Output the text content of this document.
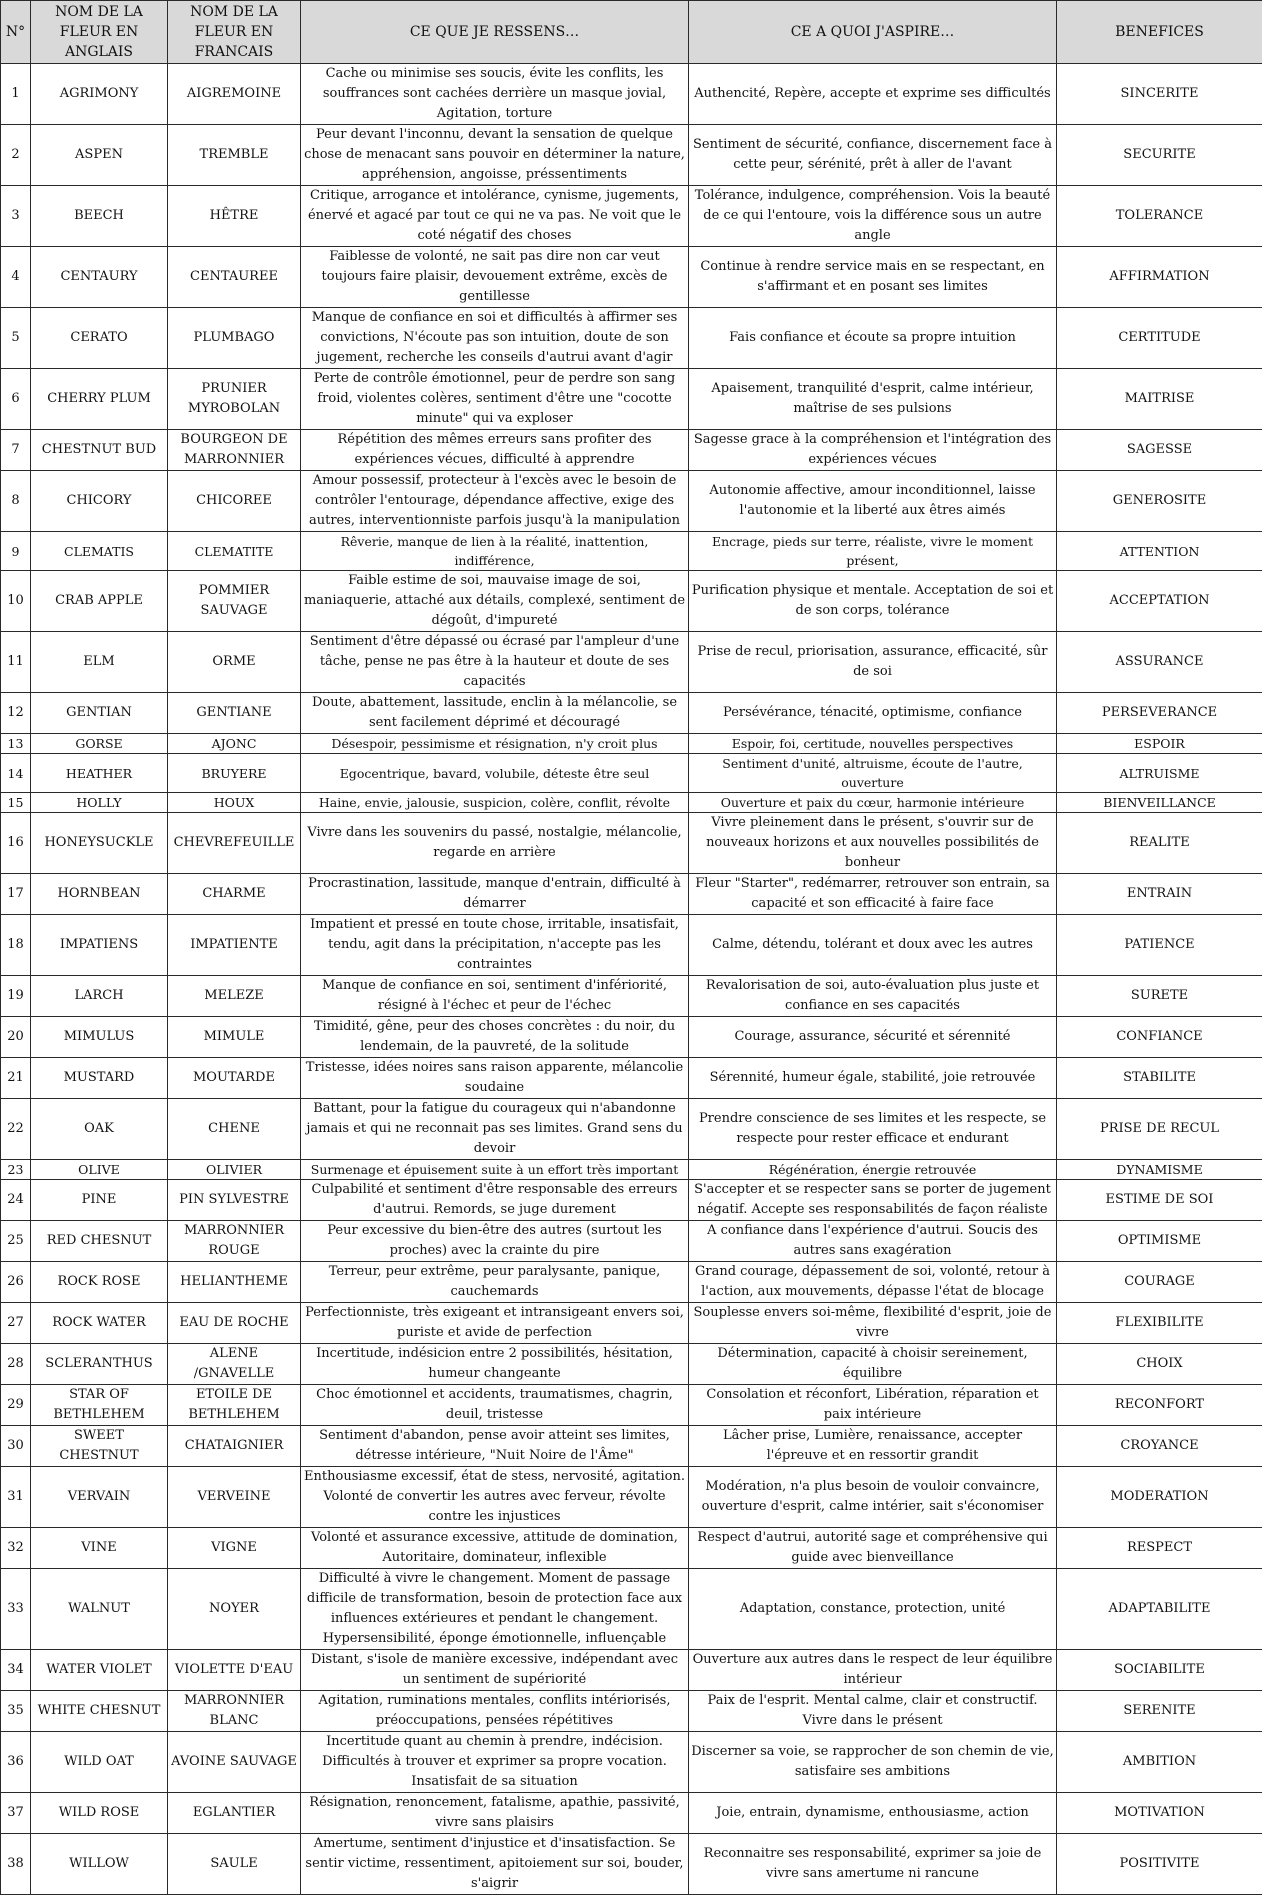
N°	NOM DE LA FLEUR EN ANGLAIS	NOM DE LA FLEUR EN FRANCAIS	CE QUE JE RESSENS…	CE A QUOI J'ASPIRE…	BENEFICES
1	AGRIMONY	AIGREMOINE	Cache ou minimise ses soucis, évite les conflits, les souffrances sont cachées derrière un masque jovial, Agitation, torture	Authencité, Repère, accepte et exprime ses difficultés	SINCERITE
2	ASPEN	TREMBLE	Peur devant l'inconnu, devant la sensation de quelque chose de menacant sans pouvoir en déterminer la nature, appréhension, angoisse, préssentiments	Sentiment de sécurité, confiance, discernement face à cette peur, sérénité, prêt à aller de l'avant	SECURITE
3	BEECH	HÊTRE	Critique, arrogance et intolérance, cynisme, jugements, énervé et agacé par tout ce qui ne va pas. Ne voit que le coté négatif des choses	Tolérance, indulgence, compréhension. Vois la beauté de ce qui l'entoure, vois la différence sous un autre angle	TOLERANCE
4	CENTAURY	CENTAUREE	Faiblesse de volonté, ne sait pas dire non car veut toujours faire plaisir, devouement extrême, excès de gentillesse	Continue à rendre service mais en se respectant, en s'affirmant et en posant ses limites	AFFIRMATION
5	CERATO	PLUMBAGO	Manque de confiance en soi et difficultés à affirmer ses convictions, N'écoute pas son intuition, doute de son jugement, recherche les conseils d'autrui avant d'agir	Fais confiance et écoute sa propre intuition	CERTITUDE
6	CHERRY PLUM	PRUNIER MYROBOLAN	Perte de contrôle émotionnel, peur de perdre son sang froid, violentes colères, sentiment d'être une "cocotte minute" qui va exploser	Apaisement, tranquilité d'esprit, calme intérieur, maîtrise de ses pulsions	MAITRISE
7	CHESTNUT BUD	BOURGEON DE MARRONNIER	Répétition des mêmes erreurs sans profiter des expériences vécues, difficulté à apprendre	Sagesse grace à la compréhension et l'intégration des expériences vécues	SAGESSE
8	CHICORY	CHICOREE	Amour possessif, protecteur à l'excès avec le besoin de contrôler l'entourage, dépendance affective, exige des autres, interventionniste parfois jusqu'à la manipulation	Autonomie affective, amour inconditionnel, laisse l'autonomie et la liberté aux êtres aimés	GENEROSITE
9	CLEMATIS	CLEMATITE	Rêverie, manque de lien à la réalité, inattention, indifférence,	Encrage, pieds sur terre, réaliste, vivre le moment présent,	ATTENTION
10	CRAB APPLE	POMMIER SAUVAGE	Faible estime de soi, mauvaise image de soi, maniaquerie, attaché aux détails, complexé, sentiment de dégoût, d'impureté	Purification physique et mentale. Acceptation de soi et de son corps, tolérance	ACCEPTATION
11	ELM	ORME	Sentiment d'être dépassé ou écrasé par l'ampleur d'une tâche, pense ne pas être à la hauteur et doute de ses capacités	Prise de recul, priorisation, assurance, efficacité, sûr de soi	ASSURANCE
12	GENTIAN	GENTIANE	Doute, abattement, lassitude, enclin à la mélancolie, se sent facilement déprimé et découragé	Persévérance, ténacité, optimisme, confiance	PERSEVERANCE
13	GORSE	AJONC	Désespoir, pessimisme et résignation, n'y croit plus	Espoir, foi, certitude, nouvelles perspectives	ESPOIR
14	HEATHER	BRUYERE	Egocentrique, bavard, volubile, déteste être seul	Sentiment d'unité, altruisme, écoute de l'autre, ouverture	ALTRUISME
15	HOLLY	HOUX	Haine, envie, jalousie, suspicion, colère, conflit, révolte	Ouverture et paix du cœur, harmonie intérieure	BIENVEILLANCE
16	HONEYSUCKLE	CHEVREFEUILLE	Vivre dans les souvenirs du passé, nostalgie, mélancolie, regarde en arrière	Vivre pleinement dans le présent, s'ouvrir sur de nouveaux horizons et aux nouvelles possibilités de bonheur	REALITE
17	HORNBEAN	CHARME	Procrastination, lassitude, manque d'entrain, difficulté à démarrer	Fleur "Starter", redémarrer, retrouver son entrain, sa capacité et son efficacité à faire face	ENTRAIN
18	IMPATIENS	IMPATIENTE	Impatient et pressé en toute chose, irritable, insatisfait, tendu, agit dans la précipitation, n'accepte pas les contraintes	Calme, détendu, tolérant et doux avec les autres	PATIENCE
19	LARCH	MELEZE	Manque de confiance en soi, sentiment d'infériorité, résigné à l'échec et peur de l'échec	Revalorisation de soi, auto-évaluation plus juste et confiance en ses capacités	SURETE
20	MIMULUS	MIMULE	Timidité, gêne, peur des choses concrètes : du noir, du lendemain, de la pauvreté, de la solitude	Courage, assurance, sécurité et sérennité	CONFIANCE
21	MUSTARD	MOUTARDE	Tristesse, idées noires sans raison apparente, mélancolie soudaine	Sérennité, humeur égale, stabilité, joie retrouvée	STABILITE
22	OAK	CHENE	Battant, pour la fatigue du courageux qui n'abandonne jamais et qui ne reconnait pas ses limites. Grand sens du devoir	Prendre conscience de ses limites et les respecte, se respecte pour rester efficace et endurant	PRISE DE RECUL
23	OLIVE	OLIVIER	Surmenage et épuisement suite à un effort très important	Régénération, énergie retrouvée	DYNAMISME
24	PINE	PIN SYLVESTRE	Culpabilité et sentiment d'être responsable des erreurs d'autrui. Remords, se juge durement	S'accepter et se respecter sans se porter de jugement négatif. Accepte ses responsabilités de façon réaliste	ESTIME DE SOI
25	RED CHESNUT	MARRONNIER ROUGE	Peur excessive du bien-être des autres (surtout les proches) avec la crainte du pire	A confiance dans l'expérience d'autrui. Soucis des autres sans exagération	OPTIMISME
26	ROCK ROSE	HELIANTHEME	Terreur, peur extrême, peur paralysante, panique, cauchemards	Grand courage, dépassement de soi, volonté, retour à l'action, aux mouvements, dépasse l'état de blocage	COURAGE
27	ROCK WATER	EAU DE ROCHE	Perfectionniste, très exigeant et intransigeant envers soi, puriste et avide de perfection	Souplesse envers soi-même, flexibilité d'esprit, joie de vivre	FLEXIBILITE
28	SCLERANTHUS	ALENE /GNAVELLE	Incertitude, indésicion entre 2 possibilités, hésitation, humeur changeante	Détermination, capacité à choisir sereinement, équilibre	CHOIX
29	STAR OF BETHLEHEM	ETOILE DE BETHLEHEM	Choc émotionnel et accidents, traumatismes, chagrin, deuil, tristesse	Consolation et réconfort, Libération, réparation et paix intérieure	RECONFORT
30	SWEET CHESTNUT	CHATAIGNIER	Sentiment d'abandon, pense avoir atteint ses limites, détresse intérieure, "Nuit Noire de l'Âme"	Lâcher prise, Lumière, renaissance, accepter l'épreuve et en ressortir grandit	CROYANCE
31	VERVAIN	VERVEINE	Enthousiasme excessif, état de stess, nervosité, agitation. Volonté de convertir les autres avec ferveur, révolte contre les injustices	Modération, n'a plus besoin de vouloir convaincre, ouverture d'esprit, calme intérier, sait s'économiser	MODERATION
32	VINE	VIGNE	Volonté et assurance excessive, attitude de domination, Autoritaire, dominateur, inflexible	Respect d'autrui, autorité sage et compréhensive qui guide avec bienveillance	RESPECT
33	WALNUT	NOYER	Difficulté à vivre le changement. Moment de passage difficile de transformation, besoin de protection face aux influences extérieures et pendant le changement. Hypersensibilité, éponge émotionnelle, influençable	Adaptation, constance, protection, unité	ADAPTABILITE
34	WATER VIOLET	VIOLETTE D'EAU	Distant, s'isole de manière excessive, indépendant avec un sentiment de supériorité	Ouverture aux autres dans le respect de leur équilibre intérieur	SOCIABILITE
35	WHITE CHESNUT	MARRONNIER BLANC	Agitation, ruminations mentales, conflits intériorisés, préoccupations, pensées répétitives	Paix de l'esprit. Mental calme, clair et constructif. Vivre dans le présent	SERENITE
36	WILD OAT	AVOINE SAUVAGE	Incertitude quant au chemin à prendre, indécision. Difficultés à trouver et exprimer sa propre vocation. Insatisfait de sa situation	Discerner sa voie, se rapprocher de son chemin de vie, satisfaire ses ambitions	AMBITION
37	WILD ROSE	EGLANTIER	Résignation, renoncement, fatalisme, apathie, passivité, vivre sans plaisirs	Joie, entrain, dynamisme, enthousiasme, action	MOTIVATION
38	WILLOW	SAULE	Amertume, sentiment d'injustice et d'insatisfaction. Se sentir victime, ressentiment, apitoiement sur soi, bouder, s'aigrir	Reconnaitre ses responsabilité, exprimer sa joie de vivre sans amertume ni rancune	POSITIVITE
